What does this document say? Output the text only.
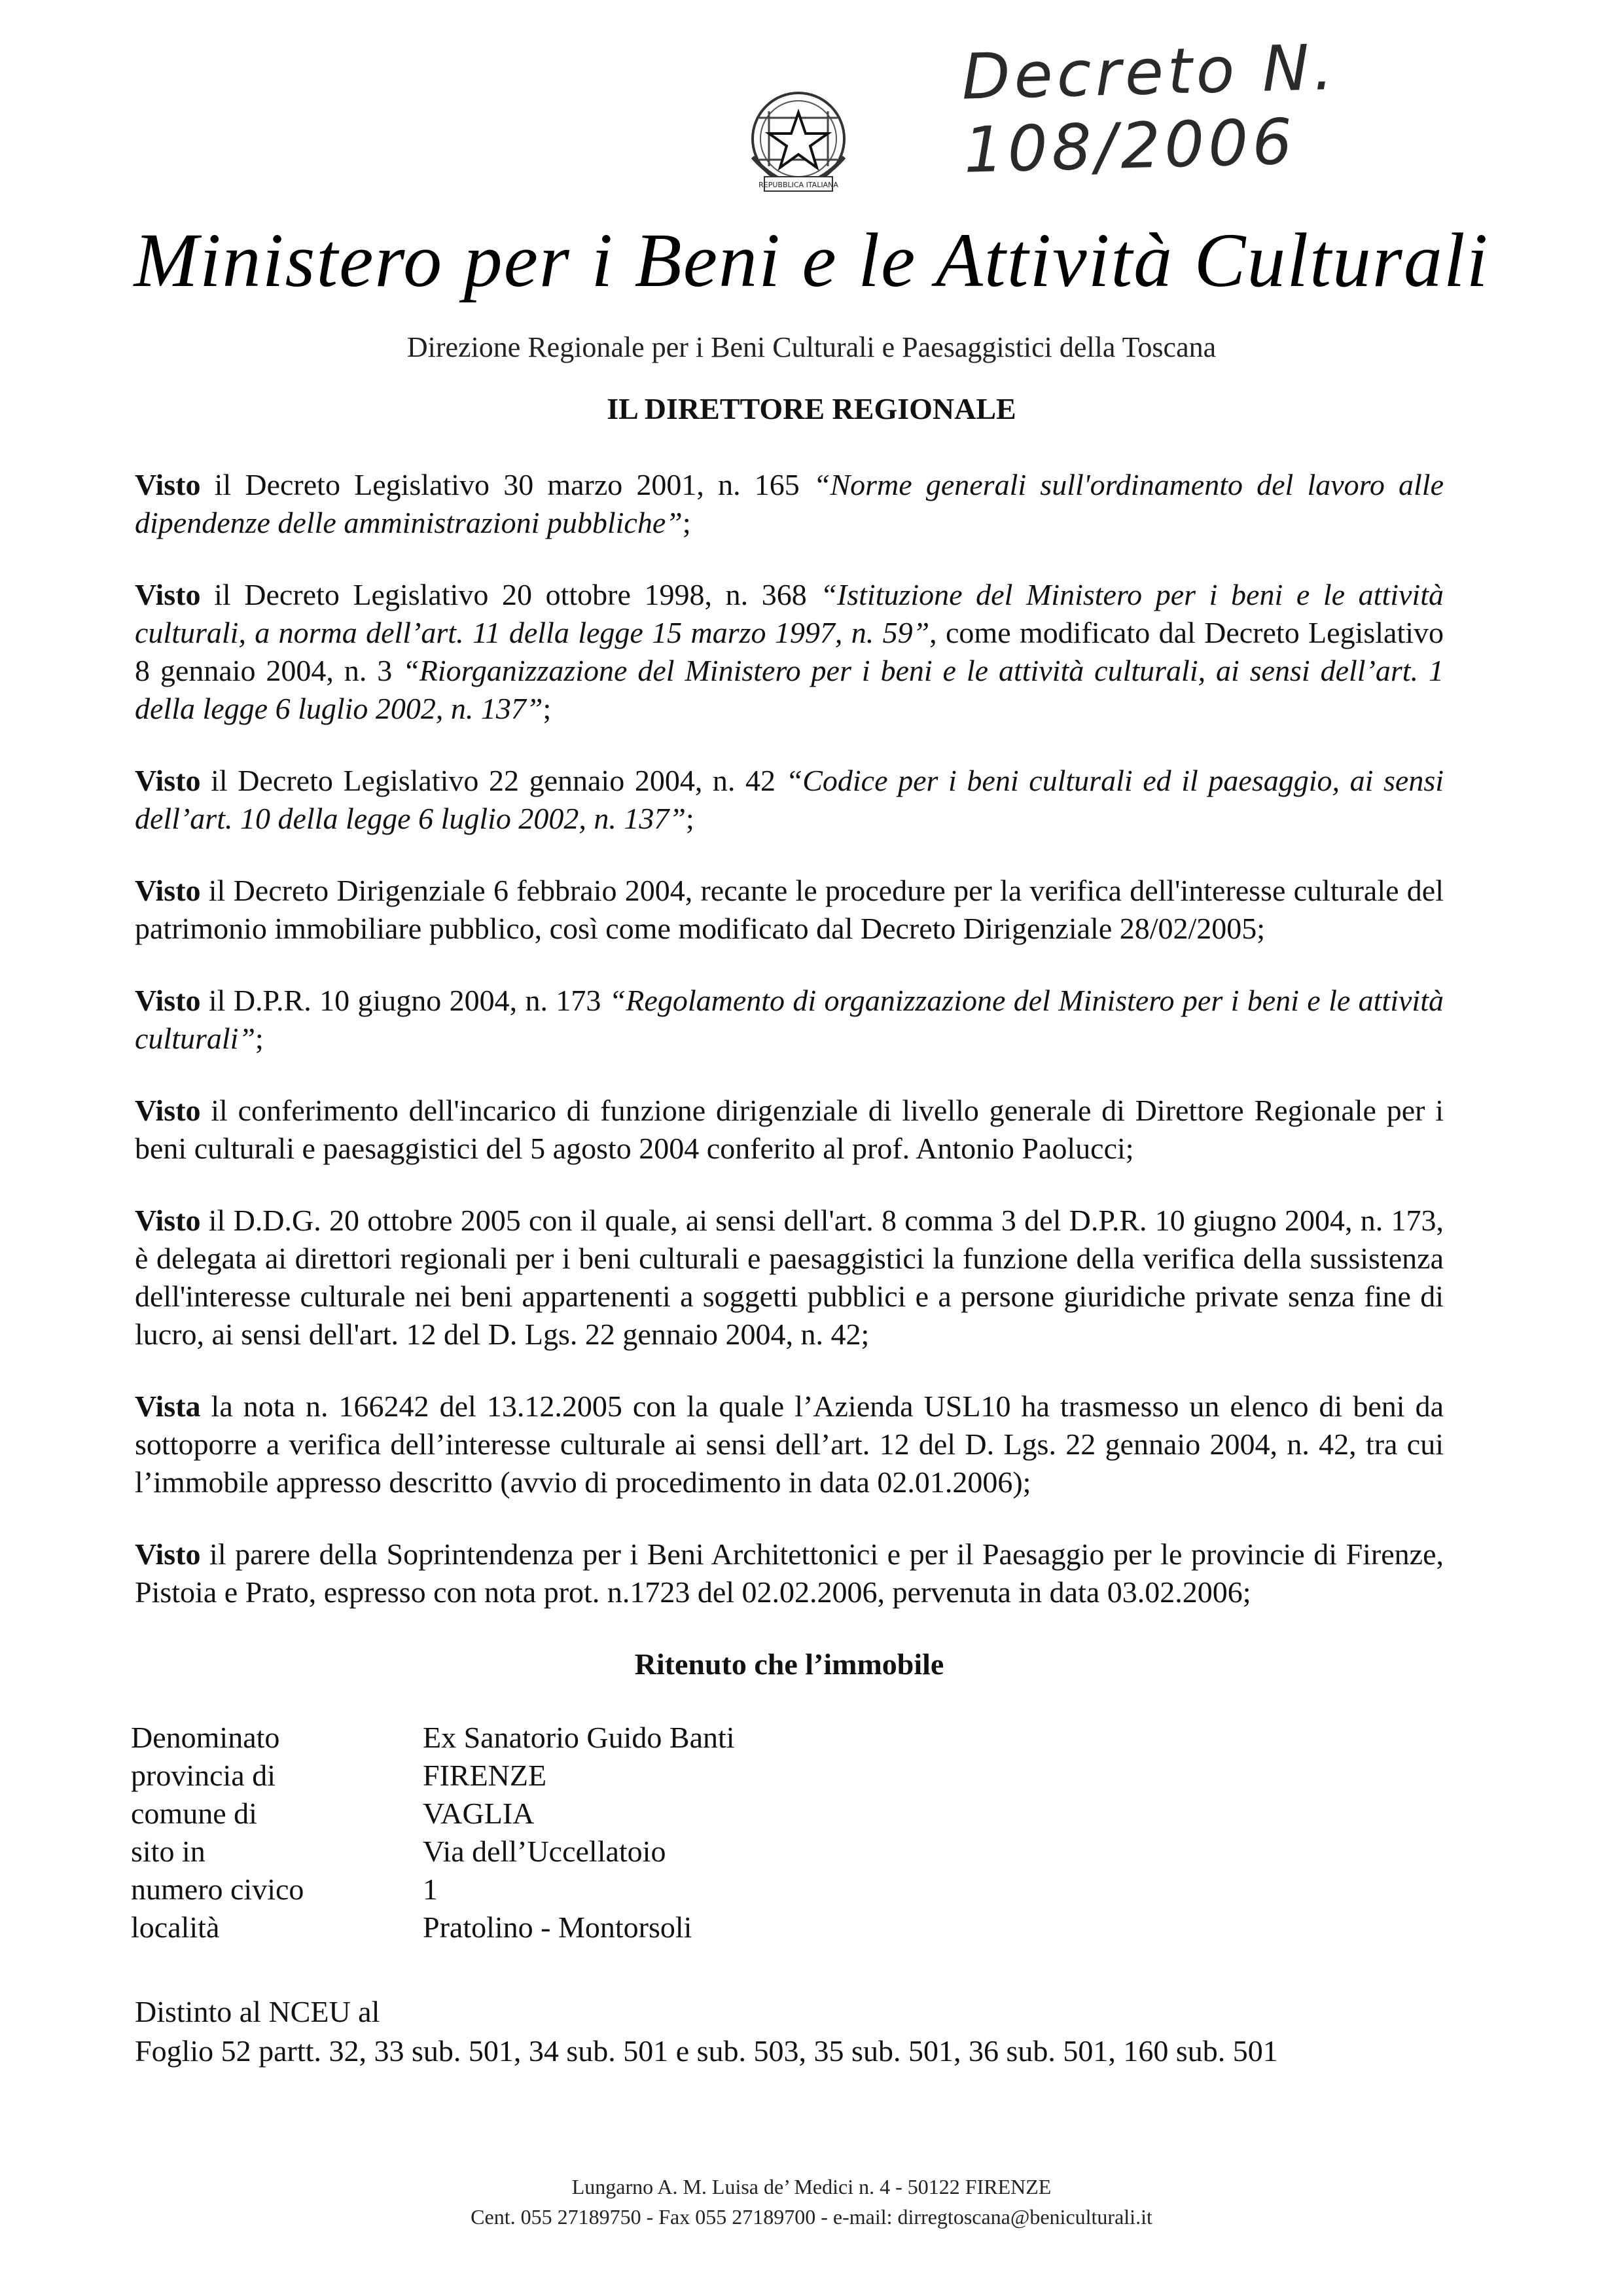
Decreto N. 108/2006
REPUBBLICA ITALIANA
Ministero per i Beni e le Attività Culturali
Direzione Regionale per i Beni Culturali e Paesaggistici della Toscana
IL DIRETTORE REGIONALE

Visto il Decreto Legislativo 30 marzo 2001, n. 165 “Norme generali sull'ordinamento del lavoro alle dipendenze delle amministrazioni pubbliche”;

Visto il Decreto Legislativo 20 ottobre 1998, n. 368 “Istituzione del Ministero per i beni e le attività culturali, a norma dell’art. 11 della legge 15 marzo 1997, n. 59”, come modificato dal Decreto Legislativo 8 gennaio 2004, n. 3 “Riorganizzazione del Ministero per i beni e le attività culturali, ai sensi dell’art. 1 della legge 6 luglio 2002, n. 137”;

Visto il Decreto Legislativo 22 gennaio 2004, n. 42 “Codice per i beni culturali ed il paesaggio, ai sensi dell’art. 10 della legge 6 luglio 2002, n. 137”;

Visto il Decreto Dirigenziale 6 febbraio 2004, recante le procedure per la verifica dell'interesse culturale del patrimonio immobiliare pubblico, così come modificato dal Decreto Dirigenziale 28/02/2005;

Visto il D.P.R. 10 giugno 2004, n. 173 “Regolamento di organizzazione del Ministero per i beni e le attività culturali”;

Visto il conferimento dell'incarico di funzione dirigenziale di livello generale di Direttore Regionale per i beni culturali e paesaggistici del 5 agosto 2004 conferito al prof. Antonio Paolucci;

Visto il D.D.G. 20 ottobre 2005 con il quale, ai sensi dell'art. 8 comma 3 del D.P.R. 10 giugno 2004, n. 173, è delegata ai direttori regionali per i beni culturali e paesaggistici la funzione della verifica della sussistenza dell'interesse culturale nei beni appartenenti a soggetti pubblici e a persone giuridiche private senza fine di lucro, ai sensi dell'art. 12 del D. Lgs. 22 gennaio 2004, n. 42;

Vista la nota n. 166242 del 13.12.2005 con la quale l’Azienda USL10 ha trasmesso un elenco di beni da sottoporre a verifica dell’interesse culturale ai sensi dell’art. 12 del D. Lgs. 22 gennaio 2004, n. 42, tra cui l’immobile appresso descritto (avvio di procedimento in data 02.01.2006);

Visto il parere della Soprintendenza per i Beni Architettonici e per il Paesaggio per le provincie di Firenze, Pistoia e Prato, espresso con nota prot. n.1723 del 02.02.2006, pervenuta in data 03.02.2006;

Ritenuto che l’immobile
Denominato	Ex Sanatorio Guido Banti
provincia di	FIRENZE
comune di	VAGLIA
sito in	Via dell’Uccellatoio
numero civico	1
località	Pratolino - Montorsoli
Distinto al NCEU al
Foglio 52 partt. 32, 33 sub. 501, 34 sub. 501 e sub. 503, 35 sub. 501, 36 sub. 501, 160 sub. 501
Lungarno A. M. Luisa de’ Medici n. 4 - 50122 FIRENZE
Cent. 055 27189750 - Fax 055 27189700 - e-mail: dirregtoscana@beniculturali.it
